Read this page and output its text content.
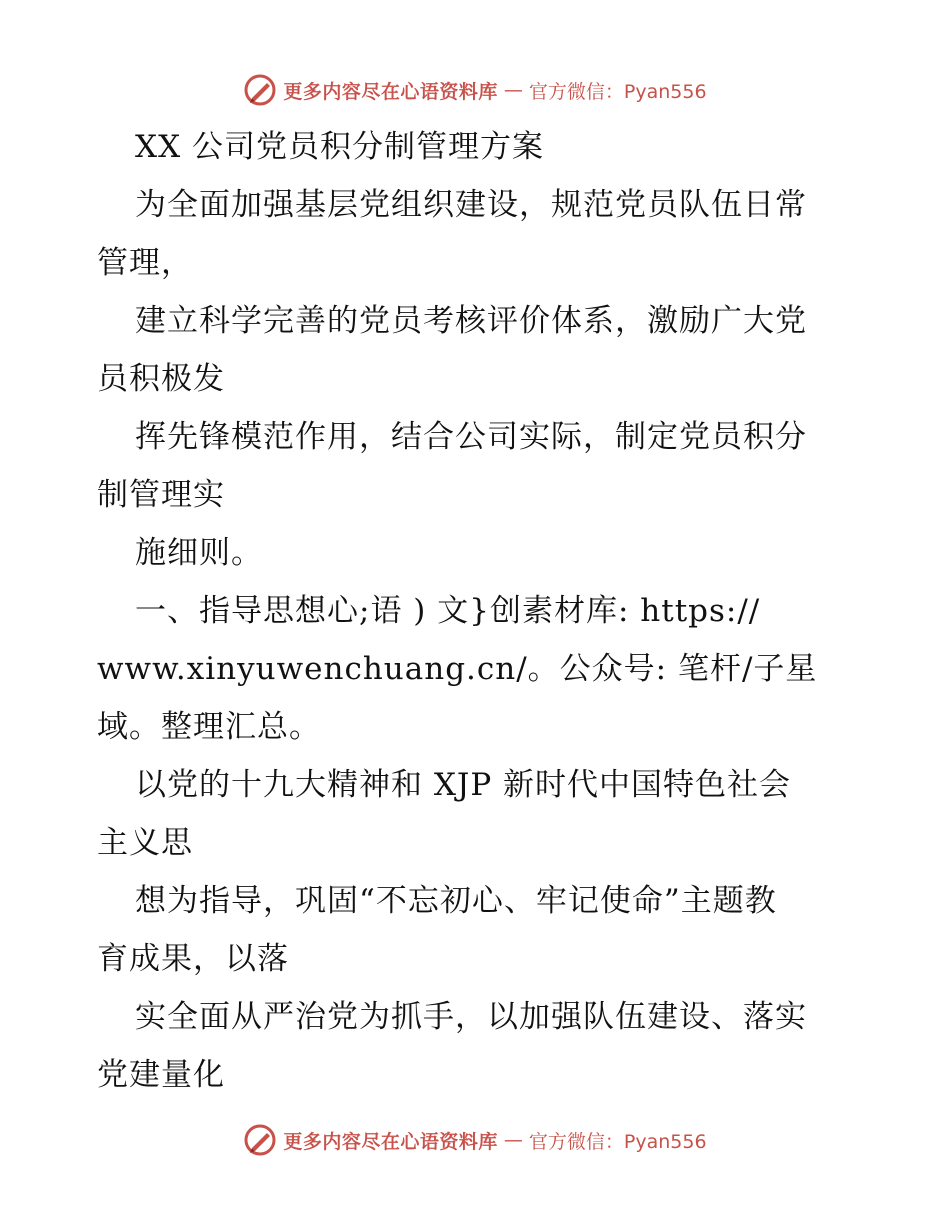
更多内容尽在心语资料库 — 官方微信：Pyan556
XX 公司党员积分制管理方案
为全面加强基层党组织建设，规范党员队伍日常
管理，
建立科学完善的党员考核评价体系，激励广大党
员积极发
挥先锋模范作用，结合公司实际，制定党员积分
制管理实
施细则。
一、指导思想心;语 ) 文}创素材库: https://
www.xinyuwenchuang.cn/。公众号: 笔杆/子星
域。整理汇总。
以党的十九大精神和 XJP 新时代中国特色社会
主义思
想为指导，巩固“不忘初心、牢记使命”主题教
育成果，以落
实全面从严治党为抓手，以加强队伍建设、落实
党建量化
更多内容尽在心语资料库 — 官方微信：Pyan556
